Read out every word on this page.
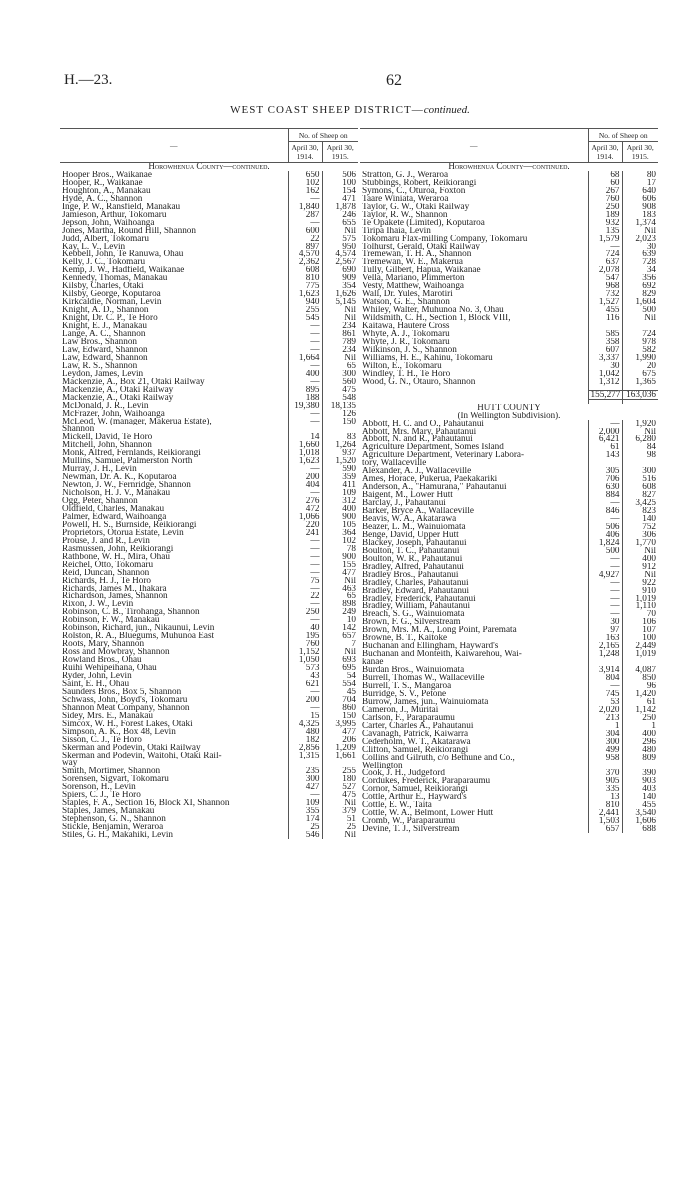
H.—23.	62
WEST COAST SHEEP DISTRICT—continued.
—	No. of Sheep on	
	April 30, 1914.	April 30, 1915.
Horowhenua County—continued.		
Hooper Bros., Waikanae	650	506
Hooper, R., Waikanae	102	100
Houghton, A., Manakau	162	154
Hyde, A. C., Shannon	—	471
Inge, P. W., Ransfield, Manakau	1,840	1,878
Jamieson, Arthur, Tokomaru	287	246
Jepson, John, Waihoanga	—	655
Jones, Martha, Round Hill, Shannon	600	Nil
Judd, Albert, Tokomaru	22	575
Kay, L. V., Levin	897	950
Kebbell, John, Te Ranuwa, Ohau	4,570	4,574
Kelly, J. C., Tokomaru	2,362	2,567
Kemp, J. W., Hadfield, Waikanae	608	690
Kennedy, Thomas, Manakau	810	909
Kilsby, Charles, Otaki	775	354
Kilsby, George, Koputaroa	1,623	1,626
Kirkcaldie, Norman, Levin	940	5,145
Knight, A. D., Shannon	255	Nil
Knight, Dr. C. P., Te Horo	545	Nil
Knight, E. J., Manakau	—	234
Lange, A. C., Shannon	—	861
Law Bros., Shannon	—	789
Law, Edward, Shannon	—	234
Law, Edward, Shannon	1,664	Nil
Law, R. S., Shannon	—	65
Leydon, James, Levin	400	300
Mackenzie, A., Box 21, Otaki Railway	—	560
Mackenzie, A., Otaki Railway	895	475
Mackenzie, A., Otaki Railway	188	548
McDonald, J. R., Levin	19,380	18,135
McFrazer, John, Waihoanga	—	126
McLeod, W. (manager, Makerua Estate),	—	150
Shannon		
Mickell, David, Te Horo	14	83
Mitchell, John, Shannon	1,660	1,264
Monk, Alfred, Fernlands, Reikiorangi	1,018	937
Mullins, Samuel, Palmerston North	1,623	1,520
Murray, J. H., Levin	—	590
Newman, Dr. A. K., Koputaroa	200	359
Newton, J. W., Fernridge, Shannon	404	411
Nicholson, H. J. V., Manakau	—	109
Ogg, Peter, Shannon	276	312
Oldfield, Charles, Manakau	472	400
Palmer, Edward, Waihoanga	1,066	900
Powell, H. S., Burnside, Reikiorangi	220	105
Proprietors, Otorua Estate, Levin	241	364
Prouse, J. and R., Levin	—	102
Rasmussen, John, Reikiorangi	—	78
Rathbone, W. H., Mira, Ohau	—	900
Reichel, Otto, Tokomaru	—	155
Reid, Duncan, Shannon	—	477
Richards, H. J., Te Horo	75	Nil
Richards, James M., Ihakara	—	463
Richardson, James, Shannon	22	65
Rixon, J. W., Levin	—	898
Robinson, C. B., Tirohanga, Shannon	250	249
Robinson, F. W., Manakau	—	10
Robinson, Richard, jun., Nikaunui, Levin	40	142
Rolston, R. A., Bluegums, Muhunoa East	195	657
Roots, Mary, Shannon	760	7
Ross and Mowbray, Shannon	1,152	Nil
Rowland Bros., Ohau	1,050	693
Ruihi Wehipeihana, Ohau	573	695
Ryder, John, Levin	43	54
Saint, E. H., Ohau	621	554
Saunders Bros., Box 5, Shannon	—	45
Schwass, John, Boyd's, Tokomaru	200	704
Shannon Meat Company, Shannon	—	860
Sidey, Mrs. E., Manakau	15	150
Simcox, W. H., Forest Lakes, Otaki	4,325	3,995
Simpson, A. K., Box 48, Levin	480	477
Sisson, C. J., Te Horo	182	206
Skerman and Podevin, Otaki Railway	2,856	1,209
Skerman and Podevin, Waitohi, Otaki Rail-	1,315	1,661
way		
Smith, Mortimer, Shannon	235	255
Sorensen, Sigvart, Tokomaru	300	180
Sorenson, H., Levin	427	527
Spiers, C. J., Te Horo	—	475
Staples, F. A., Section 16, Block XI, Shannon	109	Nil
Staples, James, Manakau	355	379
Stephenson, G. N., Shannon	174	51
Stickle, Benjamin, Weraroa	25	25
Stiles, G. H., Makahiki, Levin	546	Nil
—	No. of Sheep on	
	April 30, 1914.	April 30, 1915.
Horowhenua County—continued.		
Stratton, G. J., Weraroa	68	80
Stubbings, Robert, Reikiorangi	60	17
Symons, C., Oturoa, Foxton	267	640
Taare Winiata, Weraroa	760	606
Taylor, G. W., Otaki Railway	250	908
Taylor, R. W., Shannon	189	183
Te Opakete (Limited), Koputaroa	932	1,374
Tiripa Ihaia, Levin	135	Nil
Tokomaru Flax-milling Company, Tokomaru	1,579	2,023
Tolhurst, Gerald, Otaki Railway	—	30
Tremewan, T. H. A., Shannon	724	639
Tremewan, W. E., Makerua	637	728
Tully, Gilbert, Hapua, Waikanae	2,078	34
Vella, Mariano, Plimmerton	547	356
Vesty, Matthew, Waihoanga	968	692
Wall, Dr. Yules, Marotiri	732	829
Watson, G. E., Shannon	1,527	1,604
Whiley, Walter, Muhunoa No. 3, Ohau	455	500
Wildsmith, C. H., Section 1, Block VIII,	116	Nil
Kaitawa, Hautere Cross		
Whyte, A. J., Tokomaru	585	724
Whyte, J. R., Tokomaru	358	978
Wilkinson, J. S., Shannon	607	582
Williams, H. E., Kahinu, Tokomaru	3,337	1,990
Wilton, E., Tokomaru	30	20
Windley, T. H., Te Horo	1,042	675
Wood, G. N., Otauro, Shannon	1,312	1,365

	155,277	163,036

HUTT COUNTY		
(In Wellington Subdivision).		
Abbott, H. C. and O., Pahautanui	—	1,920
Abbott, Mrs. Mary, Pahautanui	2,000	Nil
Abbott, N. and R., Pahautanui	6,421	6,280
Agriculture Department, Somes Island	61	84
Agriculture Department, Veterinary Labora-	143	98
tory, Wallaceville		
Alexander, A. J., Wallaceville	305	300
Ames, Horace, Pukerua, Paekakariki	706	516
Anderson, A., "Hamurana," Pahautanui	630	608
Baigent, M., Lower Hutt	884	827
Barclay, J., Pahautanui	—	3,425
Barker, Bryce A., Wallaceville	846	823
Beavis, W. A., Akatarawa	—	140
Beazer, L. M., Wainuiomata	506	752
Benge, David, Upper Hutt	406	306
Blackey, Joseph, Pahautanui	1,824	1,770
Boulton, T. C., Pahautanui	500	Nil
Boulton, W. R., Pahautanui	—	400
Bradley, Alfred, Pahautanui	—	912
Bradley Bros., Pahautanui	4,927	Nil
Bradley, Charles, Pahautanui	—	922
Bradley, Edward, Pahautanui	—	910
Bradley, Frederick, Pahautanui	—	1,019
Bradley, William, Pahautanui	—	1,110
Breach, S. G., Wainuiomata	—	70
Brown, F. G., Silverstream	30	106
Brown, Mrs. M. A., Long Point, Paremata	97	107
Browne, B. T., Kaitoke	163	100
Buchanan and Ellingham, Hayward's	2,165	2,449
Buchanan and Monteith, Kaiwarehou, Wai-	1,248	1,019
kanae		
Burdan Bros., Wainuiomata	3,914	4,087
Burrell, Thomas W., Wallaceville	804	850
Burrell, T. S., Mangaroa	—	96
Burridge, S. V., Petone	745	1,420
Burrow, James, jun., Wainuiomata	53	61
Cameron, J., Muritai	2,020	1,142
Carlson, F., Paraparaumu	213	250
Carter, Charles A., Pahautanui	1	1
Cavanagh, Patrick, Kaiwarra	304	400
Cederholm, W. T., Akatarawa	300	296
Clifton, Samuel, Reikiorangi	499	480
Collins and Gilruth, c/o Bethune and Co.,	958	809
Wellington		
Cook, J. H., Judgeford	370	390
Cordukes, Frederick, Paraparaumu	905	903
Cornor, Samuel, Reikiorangi	335	403
Cottle, Arthur E., Hayward's	13	140
Cottle, E. W., Taita	810	455
Cottle, W. A., Belmont, Lower Hutt	2,441	3,540
Cromb, W., Paraparaumu	1,503	1,606
Devine, T. J., Silverstream	657	688
